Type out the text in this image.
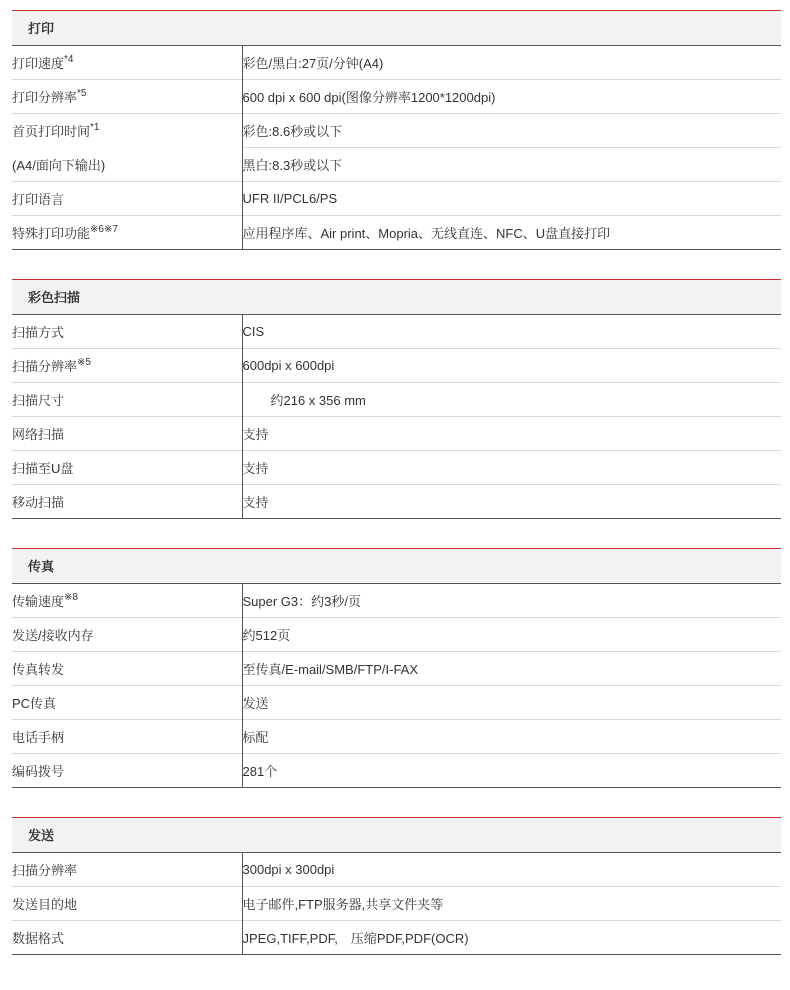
打印
打印速度$^{*4}$	彩色/黑白:27页/分钟(A4)
打印分辨率$^{*5}$	600 dpi x 600 dpi(图像分辨率1200*1200dpi)
首页打印时间$^{*1}$	彩色:8.6秒或以下
(A4/面向下输出)	黑白:8.3秒或以下
打印语言	UFR II/PCL6/PS
特殊打印功能$^{※6※7}$	应用程序库、Air print、Mopria、无线直连、NFC、U盘直接打印
彩色扫描
扫描方式	CIS
扫描分辨率$^{※5}$	600dpi x 600dpi
扫描尺寸	约216 x 356 mm
网络扫描	支持
扫描至U盘	支持
移动扫描	支持
传真
传输速度$^{※8}$	Super G3：约3秒/页
发送/接收内存	约512页
传真转发	至传真/E-mail/SMB/FTP/I-FAX
PC传真	发送
电话手柄	标配
编码拨号	281个
发送
扫描分辨率	300dpi x 300dpi
发送目的地	电子邮件,FTP服务器,共享文件夹等
数据格式	JPEG,TIFF,PDF,　压缩PDF,PDF(OCR)
